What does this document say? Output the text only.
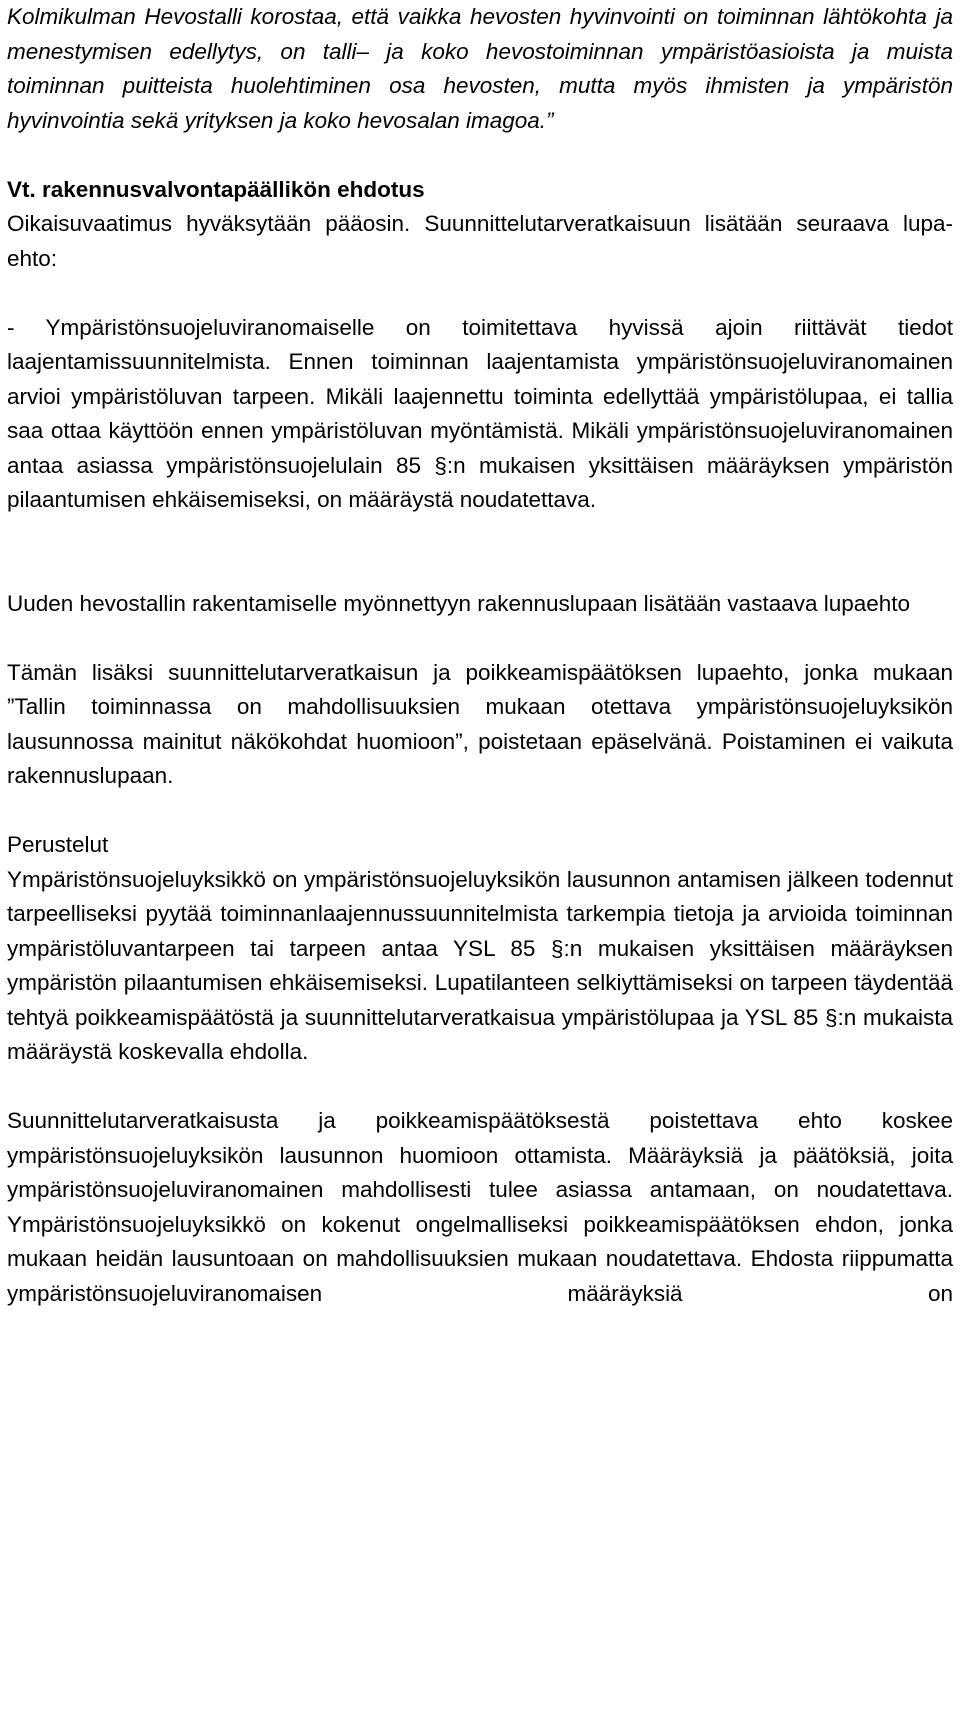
Kolmikulman Hevostalli korostaa, että vaikka hevosten hyvinvointi on toiminnan lähtökohta ja menestymisen edellytys, on talli– ja koko hevostoiminnan ympäristöasioista ja muista toiminnan puitteista huolehtiminen osa hevosten, mutta myös ihmisten ja ympäristön hyvinvointia sekä yrityksen ja koko hevosalan imagoa.”

Vt. rakennusvalvontapäällikön ehdotus

Oikaisuvaatimus hyväksytään pääosin. Suunnittelutarveratkaisuun lisätään seuraava lupa-ehto:

- Ympäristönsuojeluviranomaiselle on toimitettava hyvissä ajoin riittävät tiedot laajentamissuunnitelmista. Ennen toiminnan laajentamista ympäristönsuojeluviranomainen arvioi ympäristöluvan tarpeen. Mikäli laajennettu toiminta edellyttää ympäristölupaa, ei tallia saa ottaa käyttöön ennen ympäristöluvan myöntämistä. Mikäli ympäristönsuojeluviranomainen antaa asiassa ympäristönsuojelulain 85 §:n mukaisen yksittäisen määräyksen ympäristön pilaantumisen ehkäisemiseksi, on määräystä noudatettava.

Uuden hevostallin rakentamiselle myönnettyyn rakennuslupaan lisätään vastaava lupaehto

Tämän lisäksi suunnittelutarveratkaisun ja poikkeamispäätöksen lupaehto, jonka mukaan ”Tallin toiminnassa on mahdollisuuksien mukaan otettava ympäristönsuojeluyksikön lausunnossa mainitut näkökohdat huomioon”, poistetaan epäselvänä. Poistaminen ei vaikuta rakennuslupaan.

Perustelut

Ympäristönsuojeluyksikkö on ympäristönsuojeluyksikön lausunnon antamisen jälkeen todennut tarpeelliseksi pyytää toiminnanlaajennussuunnitelmista tarkempia tietoja ja arvioida toiminnan ympäristöluvantarpeen tai tarpeen antaa YSL 85 §:n mukaisen yksittäisen määräyksen ympäristön pilaantumisen ehkäisemiseksi. Lupatilanteen selkiyttämiseksi on tarpeen täydentää tehtyä poikkeamispäätöstä ja suunnittelutarveratkaisua ympäristölupaa ja YSL 85 §:n mukaista määräystä koskevalla ehdolla.

Suunnittelutarveratkaisusta ja poikkeamispäätöksestä poistettava ehto koskee ympäristönsuojeluyksikön lausunnon huomioon ottamista. Määräyksiä ja päätöksiä, joita ympäristönsuojeluviranomainen mahdollisesti tulee asiassa antamaan, on noudatettava. Ympäristönsuojeluyksikkö on kokenut ongelmalliseksi poikkeamispäätöksen ehdon, jonka mukaan heidän lausuntoaan on mahdollisuuksien mukaan noudatettava. Ehdosta riippumatta ympäristönsuojeluviranomaisen määräyksiä on
